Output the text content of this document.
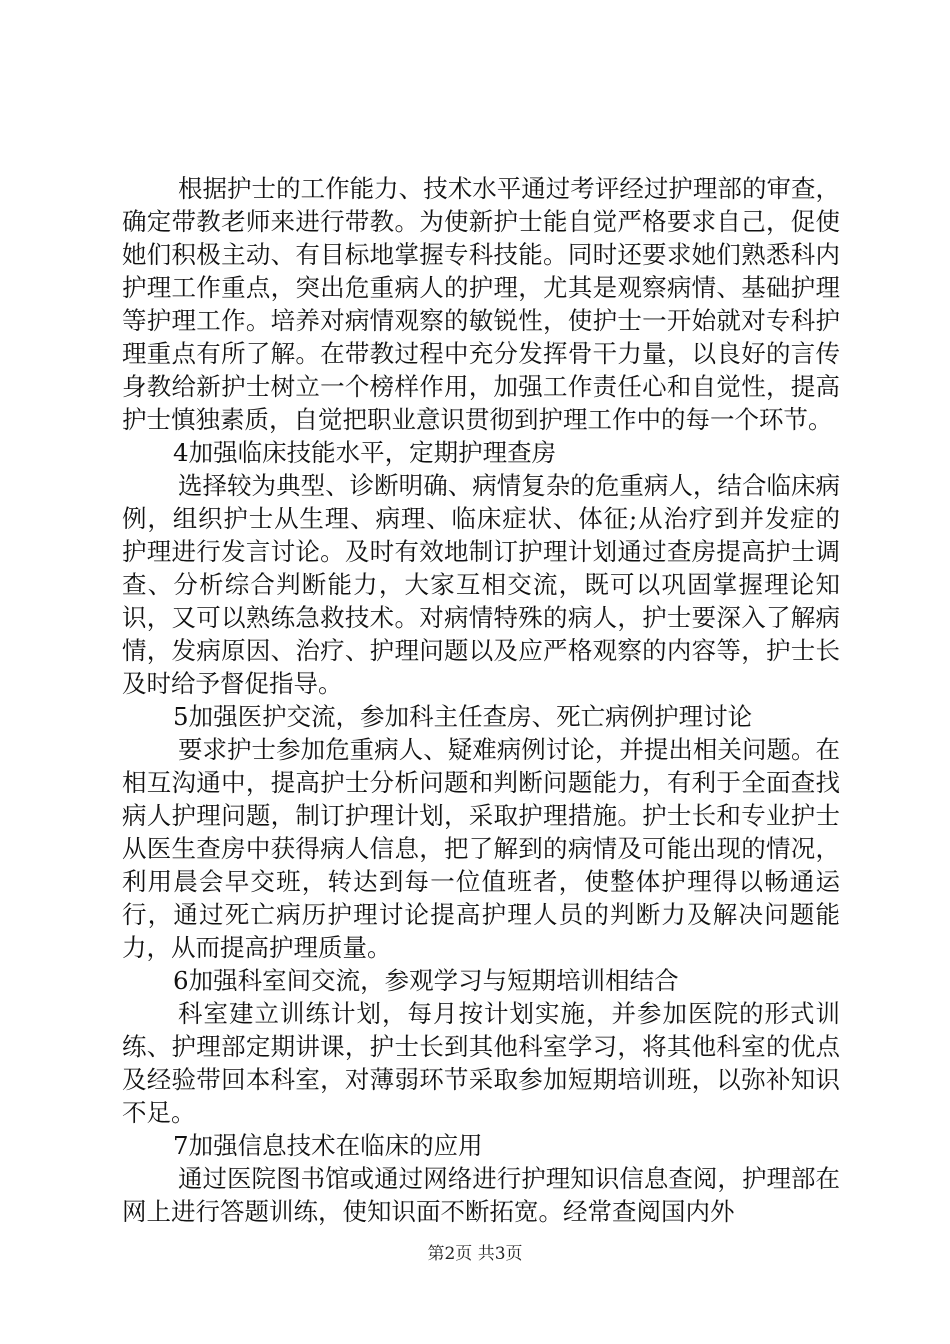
根据护士的工作能力、技术水平通过考评经过护理部的审查，确定带教老师来进行带教。为使新护士能自觉严格要求自己，促使她们积极主动、有目标地掌握专科技能。同时还要求她们熟悉科内护理工作重点，突出危重病人的护理，尤其是观察病情、基础护理等护理工作。培养对病情观察的敏锐性，使护士一开始就对专科护理重点有所了解。在带教过程中充分发挥骨干力量，以良好的言传身教给新护士树立一个榜样作用，加强工作责任心和自觉性，提高护士慎独素质，自觉把职业意识贯彻到护理工作中的每一个环节。

4加强临床技能水平，定期护理查房

选择较为典型、诊断明确、病情复杂的危重病人，结合临床病例，组织护士从生理、病理、临床症状、体征;从治疗到并发症的护理进行发言讨论。及时有效地制订护理计划通过查房提高护士调查、分析综合判断能力，大家互相交流，既可以巩固掌握理论知识，又可以熟练急救技术。对病情特殊的病人，护士要深入了解病情，发病原因、治疗、护理问题以及应严格观察的内容等，护士长及时给予督促指导。

5加强医护交流，参加科主任查房、死亡病例护理讨论

要求护士参加危重病人、疑难病例讨论，并提出相关问题。在相互沟通中，提高护士分析问题和判断问题能力，有利于全面查找病人护理问题，制订护理计划，采取护理措施。护士长和专业护士从医生查房中获得病人信息，把了解到的病情及可能出现的情况，利用晨会早交班，转达到每一位值班者，使整体护理得以畅通运行，通过死亡病历护理讨论提高护理人员的判断力及解决问题能力，从而提高护理质量。

6加强科室间交流，参观学习与短期培训相结合

科室建立训练计划，每月按计划实施，并参加医院的形式训练、护理部定期讲课，护士长到其他科室学习，将其他科室的优点及经验带回本科室，对薄弱环节采取参加短期培训班，以弥补知识不足。

7加强信息技术在临床的应用

通过医院图书馆或通过网络进行护理知识信息查阅，护理部在网上进行答题训练，使知识面不断拓宽。经常查阅国内外

第2页 共3页
